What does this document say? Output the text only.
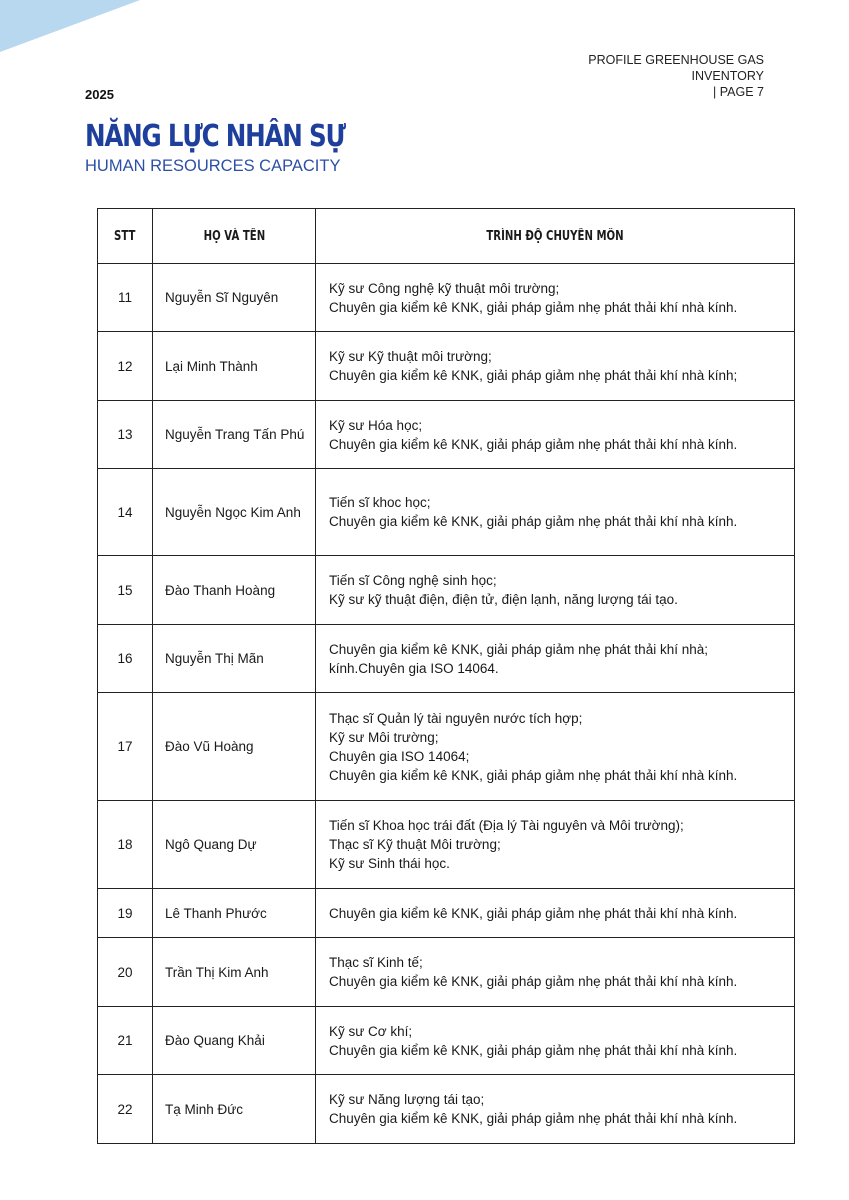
PROFILE GREENHOUSE GAS
INVENTORY
| PAGE 7
2025
NĂNG LỰC NHÂN SỰ
HUMAN RESOURCES CAPACITY
STT	HỌ VÀ TÊN	TRÌNH ĐỘ CHUYÊN MÔN
11	Nguyễn Sĩ Nguyên	Kỹ sư Công nghệ kỹ thuật môi trường;
Chuyên gia kiểm kê KNK, giải pháp giảm nhẹ phát thải khí nhà kính.

12	Lại Minh Thành	Kỹ sư Kỹ thuật môi trường;
Chuyên gia kiểm kê KNK, giải pháp giảm nhẹ phát thải khí nhà kính;

13	Nguyễn Trang Tấn Phú	Kỹ sư Hóa học;
Chuyên gia kiểm kê KNK, giải pháp giảm nhẹ phát thải khí nhà kính.

14	Nguyễn Ngọc Kim Anh	Tiến sĩ khoc học;
Chuyên gia kiểm kê KNK, giải pháp giảm nhẹ phát thải khí nhà kính.

15	Đào Thanh Hoàng	Tiến sĩ Công nghệ sinh học;
Kỹ sư kỹ thuật điện, điện tử, điện lạnh, năng lượng tái tạo.

16	Nguyễn Thị Mãn	Chuyên gia kiểm kê KNK, giải pháp giảm nhẹ phát thải khí nhà;
kính.Chuyên gia ISO 14064.

17	Đào Vũ Hoàng	Thạc sĩ Quản lý tài nguyên nước tích hợp;
Kỹ sư Môi trường;
Chuyên gia ISO 14064;
Chuyên gia kiểm kê KNK, giải pháp giảm nhẹ phát thải khí nhà kính.

18	Ngô Quang Dự	Tiến sĩ Khoa học trái đất (Địa lý Tài nguyên và Môi trường);
Thạc sĩ Kỹ thuật Môi trường;
Kỹ sư Sinh thái học.

19	Lê Thanh Phước	Chuyên gia kiểm kê KNK, giải pháp giảm nhẹ phát thải khí nhà kính.

20	Trần Thị Kim Anh	Thạc sĩ Kinh tế;
Chuyên gia kiểm kê KNK, giải pháp giảm nhẹ phát thải khí nhà kính.

21	Đào Quang Khải	Kỹ sư Cơ khí;
Chuyên gia kiểm kê KNK, giải pháp giảm nhẹ phát thải khí nhà kính.

22	Tạ Minh Đức	Kỹ sư Năng lượng tái tạo;
Chuyên gia kiểm kê KNK, giải pháp giảm nhẹ phát thải khí nhà kính.
